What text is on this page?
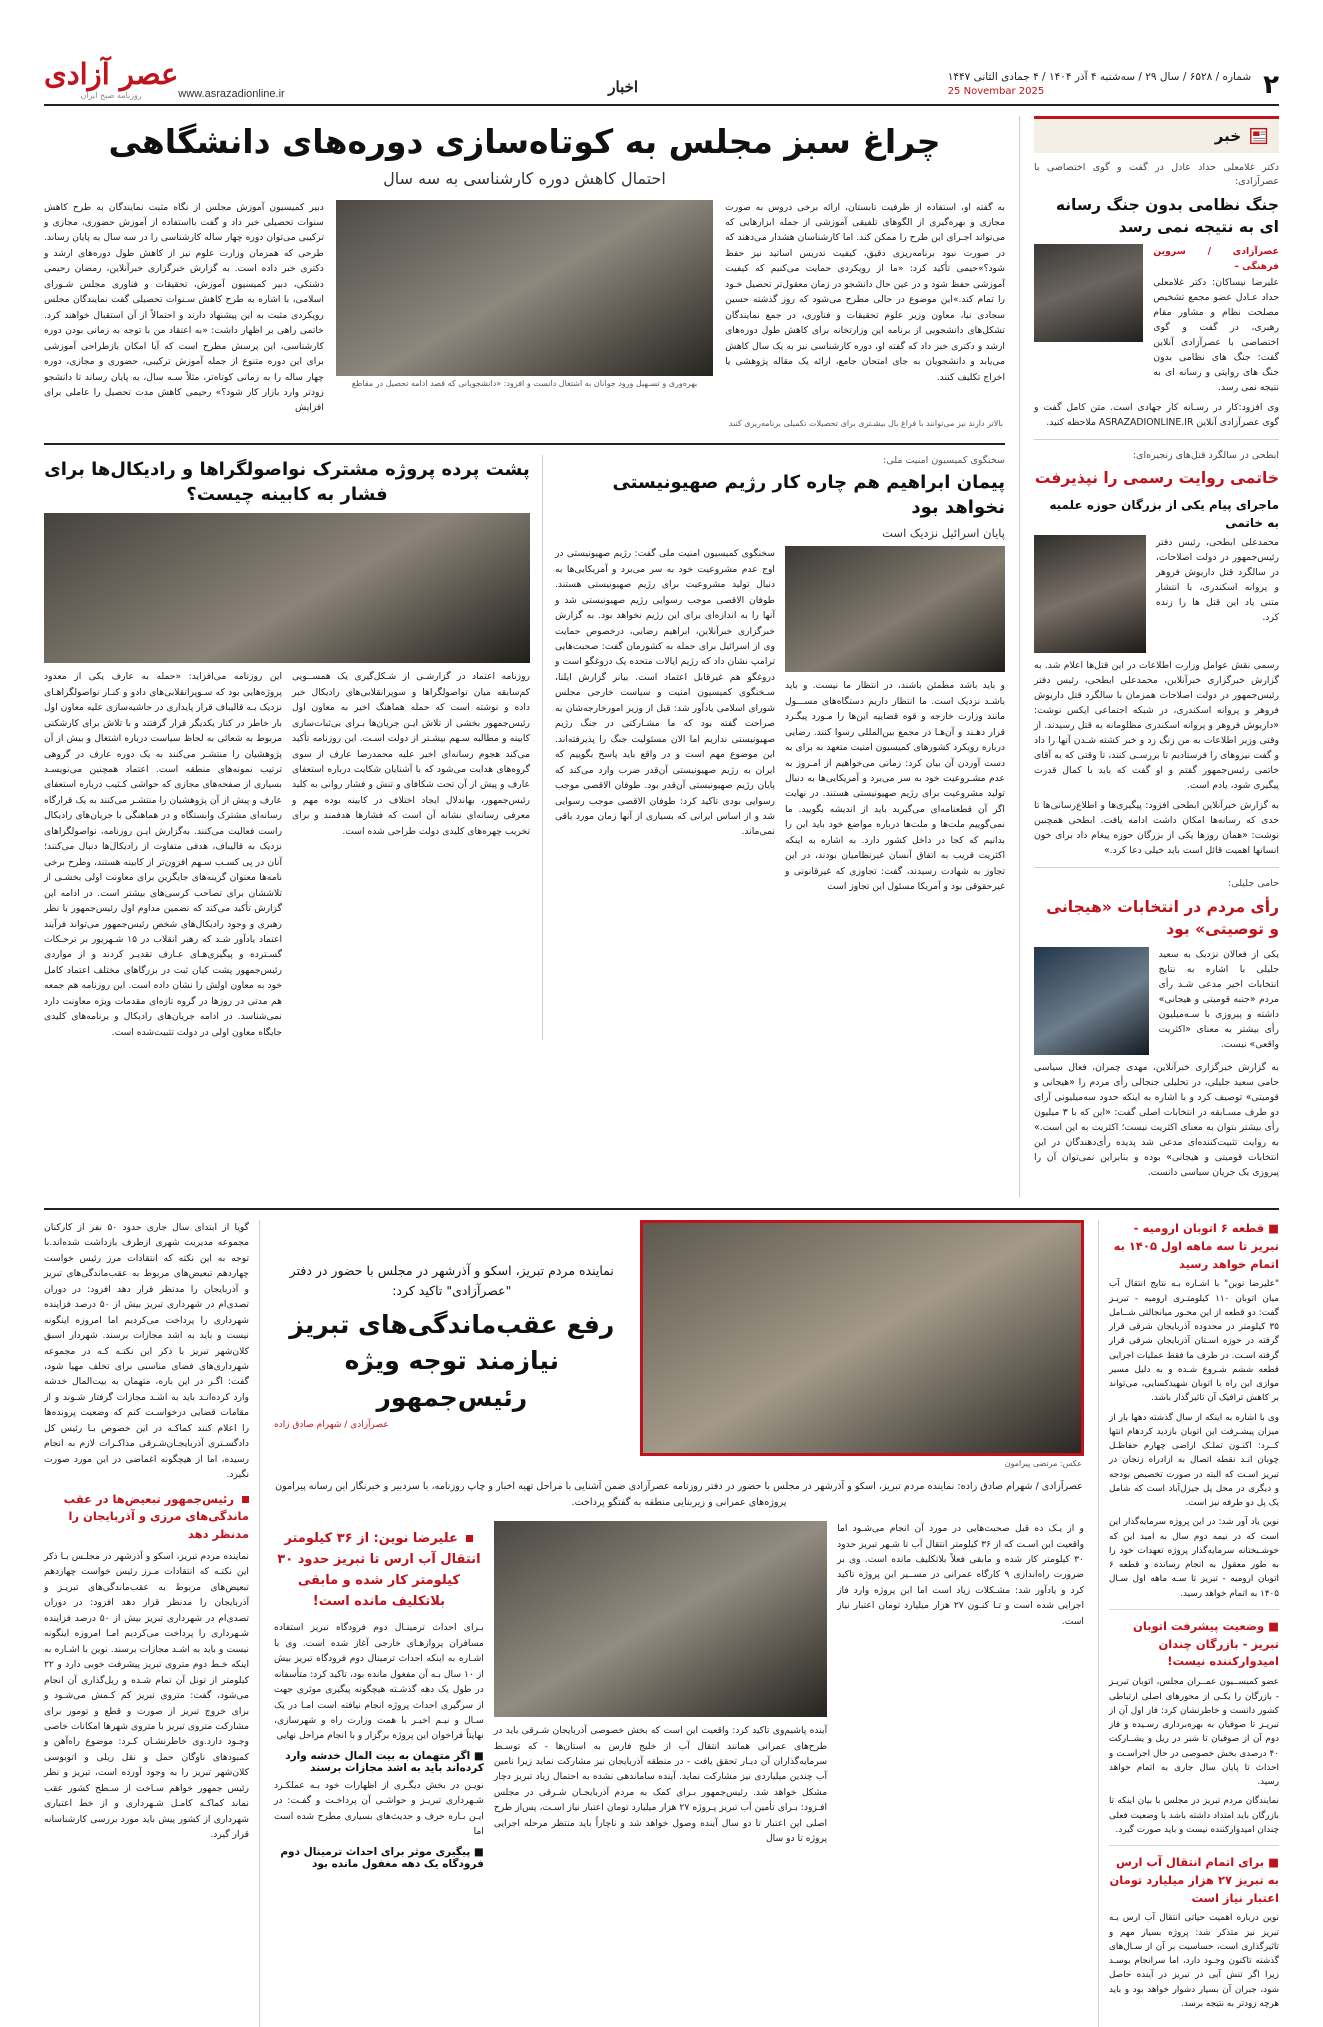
۲
شماره / ۶۵۲۸ / سال ۲۹ / سه‌شنبه ۴ آذر ۱۴۰۴ / ۴ جمادی الثانی ۱۴۴۷
25 Novembar 2025
اخبار
www.asrazadionline.ir
عصر آزادی
روزنامه صبح ایران
خبر
دکتر غلامعلی حداد عادل در گفت و گوی اختصاصی با عصرآزادی:
جنگ نظامی بدون جنگ رسانه ای به نتیجه نمی رسد
عصرآزادی / سروین فرهنگی –
علیرضا نیساکان: دکتر غلامعلی حداد عـادل عضو مجمع تشخیص مصلحت نظام و مشاور مقام رهبری، در گفت و گوی اختصاصی با عصرآزادی آنلاین گفت: جنگ های نظامی بدون جنگ های روایتی و رسانه ای به نتیجه نمی رسد.
وی افزود:کار در رسـانه کار جهادی است. متن کامل گفت و گوی عصرآزادی آنلاین ASRAZADIONLINE.IR ملاحظه کنید.
ابطحی در سالگرد قتل‌های زنجیره‌ای:
خاتمی روایت رسمی را نپذیرفت
ماجرای پیام یکی از بزرگان حوزه علمیه به خاتمی
محمدعلی ابطحی، رئیس دفتر رئیس‌جمهور در دولت اصلاحات، در سالگرد قتل داریوش فروهر و پروانه اسکندری، با انتشار متنی یاد این قتل ها را زنده کرد.
رسمی نقش عوامل وزارت اطلاعات در این قتل‌ها اعلام شد. به گزارش خبرگزاری خبرآنلاین، محمدعلی ابطحی، رئیس دفتر رئیس‌جمهور در دولت اصلاحات همزمان با سالگرد قتل داریوش فروهر و پروانه اسکندری، در شبکه اجتماعی ایکس نوشت: «داریوش فروهر و پروانه اسکندری مظلومانه به قتل رسیدند. از وقتی وزیر اطلاعات به من زنگ زد و خبر کشته شـدن آنها را داد و گفت نیروهای را فرستادیم تا بررسـی کنند، تا وقتی که به آقای خاتمی رئیس‌جمهور گفتم و او گفت که باید با کمال قدرت پیگیری شود، یادم است.
به گزارش خبرآنلاین ابطحی افزود: پیگیری‌ها و اطلاع‌رسانی‌ها تا حدی که رسانه‌ها امکان داشت ادامه یافت. ابطحی همچنین نوشت: «همان روزها یکی از بزرگان حوزه پیغام داد برای خون انسانها اهمیت قائل است باید خیلی دعا کرد.»
حامی جلیلی:
رأی مردم در انتخابات «هیجانی و توصیتی» بود
یکی از فعالان نزدیک به سعید جلیلی با اشاره به نتایج انتخابات اخیر مدعی شـد رأی مردم «جنبه قومیتی و هیجانی» داشته و پیروزی با سـه‌میلیون رأی بیشتر به معنای «اکثریت واقعی» نیست.
به گزارش خبرگزاری خبرآنلاین، مهدی چمران‌، فعال سیاسی حامی سعید جلیلی، در تحلیلی جنجالی رأی مردم را «هیجانی و قومیتی» توصیف کرد و با اشاره به اینکه حدود سه‌میلیونی آرای دو طرف مسـابقه در انتخابات اصلی گفت: «این که با ۳ میلیون رأی بیشتر بتوان به معنای اکثریت نیست؛ اکثریت به این است.» به روایت تثبیت‌کننده‌ای مدعی شد پدیده رأی‌دهندگان در این انتخابات قومیتی و هیجانی» بوده و بنابراین نمی‌توان آن را پیروزی یک جریان سیاسی دانست.
چراغ سبز مجلس به کوتاه‌سازی دوره‌های دانشگاهی
احتمال کاهش دوره کارشناسی به سه سال
به گفته او، استفاده از ظرفیت تابستان، ارائه برخی دروس به صورت مجازی و بهره‌گیری از الگوهای تلفیقی آموزشی از جمله ابزارهایی که می‌تواند اجـرای این طرح را ممکن کند. اما کارشناسان هشدار می‌دهند که در صورت نبود برنامه‌ریزی دقیق، کیفیت تدریس اساتید نیز حفظ شود؟»حیمی تأکید کرد: «ما از رویکردی حمایت می‌کنیم که کیفیت آموزشی حفظ شود و در عین حال دانشجو در زمان معقول‌تر تحصیل خـود را تمام کند.»این موضوع در حالی مطرح می‌شود که روز گذشته حسین سجادی نیا، معاون وزیر علوم تحقیقات و فناوری، در جمع نمایندگان تشکل‌های دانشجویی از برنامه این وزارتخانه برای کاهش طول دوره‌های ارشد و دکتری خبر داد که گفته او، دوره کارشناسی نیز به یک سال کاهش می‌یابد و دانشجویان به جای امتحان جامع، ارائه یک مقاله پژوهشی یا اخراج تکلیف کنند.
بهره‌وری و تسـهیل ورود جوانان به اشتغال دانست و افزود: «دانشجویانی که قصد ادامه تحصیل در مقاطع
دبیر کمیسیون آموزش مجلس از نگاه مثبت نمایندگان به طرح کاهش سنوات تحصیلی خبر داد و گفت بااستفاده از آموزش حضوری، مجازی و ترکیبی می‌توان دوره چهار ساله کارشناسی را در سه سال به پایان رساند. طرحی که همزمان وزارت علوم نیز از کاهش طول دوره‌های ارشد و دکتری خبر داده است. به گزارش خبرگزاری خبرآنلاین، رمضان رحیمی دشتکی، دبیر کمیسیون آموزش، تحقیقات و فناوری مجلس شـورای اسلامی، با اشاره به طرح کاهش سـنوات تحصیلی گفت نمایندگان مجلس رویکردی مثبت به این پیشنهاد دارند و احتمالاً از آن استقبال خواهند کرد. خاتمی راهی بر اظهار داشت: «به اعتقاد من با توجه به زمانی بودن دوره کارشناسی، این پرسش مطرح است که آیا امکان بازطراحی آموزشی برای این دوره متنوع از جمله آموزش ترکیبی، حضوری و مجازی، دوره چهار ساله را به زمانی کوتاه‌تر، مثلاً سـه سال، به پایان رساند تا دانشجو زودتر وارد بازار کار شود؟» رحیمی کاهش مدت تحصیل را عاملی برای افزایش
بالاتر دارند نیز می‌توانند با فراغ بال بیشـتری برای تحصیلات تکمیلی برنامه‌ریزی کنند
سخنگوی کمیسیون امنیت ملی:
پیمان ابراهیم هم چاره کار رژیم صهیونیستی نخواهد بود
پایان اسرائیل نزدیک است
و باید باشد مطمئن باشند، در انتظار ما نیست. و باید باشـد نزدیک است. ما انتظار داریم دستگاه‌های مســـول مانند وزارت خارجه و قوه قضاییه این‌ها را مـورد پیگـرد قرار دهـند و آن‌هـا در مجمع بین‌المللی رسوا کنند. رضایی درباره رویکرد کشورهای کمیسیون امنیت متعهد به برای به دست آوردن آن بیان کرد: زمانی می‌خواهیم از امـروز به عدم مشـروعیت خود به سر می‌برد و آمریکایی‌ها به دنبال تولید مشروعیت برای رژیم صهیونیستی هستند. در نهایت اگر آن قطعنامه‌ای می‌گیرید باید از اندیشه بگویید. ما نمی‌گوییم ملت‌ها و ملت‌ها درباره مواضع خود باید این را بدانیم که کجا در داخل کشور دارد. به اشاره به اینکه اکثریت قریب به اتفاق آنسان غیرنظامیان بودند، در این تجاوز به شهادت رسیدند، گفت: تجاوزی که غیرقانونی و غیرحقوقی بود و آمریکا مسئول این تجاوز است
سخنگوی کمیسیون امنیت ملی گفت: رژیم صهیونیستی در اوج عدم مشروعیت خود به سر می‌برد و آمریکایی‌ها به دنبال تولید مشروعیت برای رژیم صهیونیستی هستند. طوفان الاقصی موجب رسوایی رژیم صهیونیستی شد و آنها را به اندازه‌ای برای این رژیم نخواهد بود. به گزارش خبرگزاری خبرآنلاین، ابراهیم رضایی، درخصوص حمایت وی از اسرائیل برای حمله به کشورمان گفت: صحبت‌هایی ترامپ نشان داد که رژیم ایالات متحده یک دروغگو است و دروغگو هم غیرقابل اعتماد است. بیانر گزارش ایلنا، سـخنگوی کمیسیون امنیت و سیاست خارجی مجلس شورای اسلامی یادآور شد: قبل از وزیر امورخارجه‌شان به صراحت گفته بود که ما مشـارکتی در جنگ رژیم صهیونیستی نداریم اما الان مسئولیت جنگ را پذیرفته‌اند. این موضوع مهم است و در واقع باید پاسخ بگوییم که ایران به رژیم صهیونیستی آن‌قدر ضرب وارد می‌کند که پایان رژیم صهیونیستی آن‌قدر بود. طوفان الاقصی موجب رسوایی بودی تاکید کرد: طوفان الاقصی موجب رسوایی شد و از اساس ایرانی که بسیاری از آنها زمان مورد باقی نمی‌ماند.
پشت پرده پروژه مشترک نواصولگراها و رادیکال‌ها برای فشار به کابینه چیست؟
روزنامه اعتماد در گزارشـی از شـکل‌گیری یک همســویی کم‌سابقه میان نواصولگراها و سوپرانقلابی‌های رادیکال خبر داده و نوشته است که حمله هماهنگ اخیر به معاون اول رئیس‌جمهور بخشی از تلاش ایـن جریان‌ها بـرای بی‌ثبات‌سازی کابینه و مطالبه سـهم بیشـتر از دولت اسـت. این روزنامه تأکید می‌کند هجوم رسانه‌ای اخیر علیه محمدرضا عارف از سوی گروه‌های هدایت می‌شود که با آشنایان شکایت درباره استعفای عارف و پیش از آن تحت شکافای و تنش و فشار روانی به کلید رئیس‌جمهور، بهاندلال ایجاد اختلاف در کابینه بوده مهم و معرفی رسانه‌ای نشانه آن است که فشارها هدفمند و برای تخریب چهره‌های کلیدی دولت طراحی شده است.
این روزنامه می‌افزاید: «حمله به عارف یکی از معدود پروژه‌هایی بود که سـوپرانقلابی‌های دادو و کنـار نواصولگراهـای نزدیک بـه قالیباف قرار پایداری در حاشیه‌سازی علیه معاون اول بار خاطر در کنار یکدیگر قرار گرفتند و با تلاش برای کارشکنی مربوط به شعائی به لحاظ سیاست درباره اشتغال و بیش از آن پژوهشیان را منتشـر می‌کنند به یک دوره عارف در گروهی ترتیب نمونه‌های منطقه است. اعتماد همچنین می‌نویسـد بسیاری از صفحه‌های مجازی که حواشی کـثیب درباره استعفای عارف و پیش از آن پژوهشیان را منتشـر می‌کنند به یک قرارگاه رسانه‌ای مشترک وابستگاه و در هماهنگی با جریان‌های رادیکال راست فعالیت می‌کنند. به‌گزارش ایـن روزنامه، نواصولگراهای نزدیک به قالیباف، هدفی متفاوت از رادیکال‌ها دنبال می‌کنند؛ آنان در پی کسـب سـهم افزون‌تر از کابینه هستند، وطرح برخی نامه‌ها معنوان گزینه‌های جایگزین برای معاونت اولی بخشـی از تلاششان برای تصاحب کرسی‌های بیشتر است. در ادامه این گزارش تأکید می‌کند که تضمین مداوم اول رئیس‌جمهور با نظر رهبری و وجود رادیکال‌های شخص رئیس‌جمهور می‌تواند فرآیند اعتماد یادآور شـد که رهبر انقلاب در ۱۵ شـهریور بر ترحـکات گسـترده و پیگیری‌هـای عـارف تقدیـر کردند و از مواردی رئیس‌جمهور پشت کیان ثبت در بزرگاهای مختلف اعتماد کامل خود به معاون اولش را نشان داده است. این روزنامه هم جمعه هم مدتی در روزها در گروه تازه‌ای مقدمات ویژه معاونت دارد نمی‌شناسد. در ادامه جریان‌های رادیکال و برنامه‌های کلیدی جایگاه معاون اولی در دولت تثبیت‌شده است.
■ قطعه ۶ اتوبان ارومیه - تبریز تا سه ماهه اول ۱۴۰۵ به اتمام خواهد رسید
"علیرضا نوین" با اشـاره بـه نتایج انتقال آب میان اتوبان ۱۱۰ کیلومتـری ارومیه - تبریـز گفت: دو قطعه از این محـور میانجالتی شــامل ۳۵ کیلومتر در محدوده آذربایجان شرقی قرار گرفته در حوزه اسـتان آذربایجان شرقی قرار گرفته اسـت. در طرف ما فقط عملیات اجرایی قطعه ششم شـروع شـده و به دلیل مسیر موازی این راه با اتوبان شهیدکسایی، می‌تواند بر کاهش ترافیک آن تاثیرگذار باشد.
وی با اشاره به اینکه از سال گذشته دهها بار از میزان پیشـرفت این اتوبان بازدید کردهام انتها کــرد: اکنـون تملـک اراضی چهارم حفاظـل چوبان انـد نقطه اتصال به ازادراه زنجان در تبریز اسـت که البته در صورت تخصیص بودجه و دیگری در محل پل جیزل‌آباد است که شامل یک پل دو طرفه نیز است.
نوین یاد آور شد: در این پروژه سرمایه‌گذار این است که در نیمه دوم سال به امید این که خوشـبختانه سرمایه‌گذار پروژه تعهدات خود را به طور معقول به انجام رسانده و قطعه ۶ اتوبان ارومیه - تبریز تا سـه ماهه اول سـال ۱۴۰۵ به اتمام خواهد رسید.
■ وضعیت پیشرفت اتوبان تبریز - بازرگان چندان امیدوارکننده نیست!
عضو کمیســیون عمــران مجلس، اتوبان تبریـز - بازرگان را یکـی از محورهای اصلی ارتباطی کشور دانست و خاطرنشان کرد: فاز اول آن از تبریـز تا صوفیان به بهره‌برداری رسـیده و فاز دوم آن از صوفیان تا شبر در ریل و یشــارکت ۴۰ درصدی بخش خصوصی در حال اجراسـت و احداث تا پایان سال جاری به اتمام خواهد رسید.
نمایندگان مردم تبریز در مجلس با بیان اینکه تا بازرگان باید امتداد داشته باشد با وضعیت فعلی چندان امیدوارکننده نیست و باید صورت گیرد.
■ برای اتمام انتقال آب ارس به تبریز ۲۷ هزار میلیارد تومان اعتبار نیاز است
نوین درباره اهمیت حیاتی انتقال آب ارس بـه تبریز نیز متذکر شد: پروژه بسیار مهم و تاثیر‌گذاری است، حساسیت بر آن از سـال‌های گذشته تاکنون وجـود دارد، اما سرانجام بوسـد زیرا اگر تنش آبی در تبریز در آینده حاصل شود، جبران آن بسیار دشوار خواهد بود و باید هرچه زودتر به نتیجه برسد.
عکس: مرتضی پیرامون
نماینده مردم تبریز، اسکو و آذرشهر در مجلس با حضور در دفتر "عصرآزادی" تاکید کرد:
رفع عقب‌ماندگی‌های تبریز نیازمند توجه ویژه رئیس‌جمهور
عصرآزادی / شهرام صادق زاده
عصرآزادی / شهرام صادق زاده: نماینده مردم تبریز، اسکو و آذرشهر در مجلس با حضور در دفتر روزنامه عصرآزادی ضمن آشنایی با مراحل تهیه اخبار و چاپ روزنامه، با سردبیر و خبرنگار این رسانه پیرامون پروژه‌های عمرانی و زیربنایی منطقه به گفتگو پرداخت.
و از یـک ده قبل صحبت‌هایی در مورد آن انجام می‌شـود اما واقعیت این اسـت که از ۳۶ کیلومتر انتقال آب تا شـهر تبریز حدود ۳۰ کیلومتر کار شده و مابقی فعلاً بلاتکلیف مانده است. وی بر ضرورت راه‌اندازی ۹ کارگاه عمرانی در مســیر این پروژه تاکید کرد و یادآور شد: مشـکلات زیاد است اما این پروژه وارد فاز اجرایی شده است و تـا کنـون ۲۷ هزار میلیارد تومان اعتبار نیاز است.
آینده پاشیم‌وی تاکید کرد: واقعیت این است که بخش خصوصی آذربایجان شـرقی باید در طرح‌های عمرانی همانند انتقال آب از خلیج فارس به استان‌ها - که توسـط سرمایه‌گذاران آن دیـار تحقق یافت - در منطقه آذربایجان نیز مشارکت نماید زیرا نامین آب چندین میلیاردی نیز مشارکت نماید. آینده ساماندهی نشده به احتمال زیاد تبریز دچار مشکل خواهد شد. رئیس‌جمهور بـرای کمک به مردم آذربایجـان شـرقی در مجلس افـزود: بـرای تأمین آب تبریز پـروژه ۲۷ هزار میلیارد تومان اعتبار نیاز اسـت، پس‌از طرح اصلی این اعتبار تا دو سال آینده وصول خواهد شد و ناچاراً باید منتظر مرحله اجرایی پروژه تا دو سال
علیرضا نوین: از ۳۶ کیلومتر انتقال آب ارس تا تبریز حدود ۳۰ کیلومتر کار شده و مابقی بلاتکلیف مانده است!
بـرای احداث ترمینـال دوم فرودگاه تبریز استفاده مسافران پروازهـای خارجی آغاز شده است. وی با اشـاره به اینکه احداث ترمینال دوم فرودگاه تبریز بیش از ۱۰ سال بـه آن مفغول مانده بود، تاکید کرد: متأسفانه در طول یک دهه گذشـته هیچگونه پیگیری موثری جهت از سرگیری احداث پروژه انجام نیافته است امـا در یک سـال و نیـم اخیـر با همت وزارت راه و شهرسازی، نهایتاً فراخوان این پروژه برگزار و با انجام مراحل نهایی
■ اگر متهمان به بیت المال خدشه وارد کرده‌اند باید به اشد مجازات برسند
نویـن در بخش دیگـری از اظهارات خود بـه عملکـرد شـهرداری تبریـز و حواشـی آن پرداخـت و گفـت: در ایـن بـاره حرف و حدیث‌های بسیاری مطرح شده است اما
■ پیگیری موثر برای احداث ترمینال دوم فرودگاه یک دهه مغفول مانده بود
گویا از ابتدای سال جاری حدود ۵۰ نفر از کارکنان مجموعه مدیریت شهری ازطرف بازداشت شده‌اند.با توجه به این نکته که انتقادات مرز رئیس خواست چهاردهم تبعیض‌های مربوط به عقب‌ماندگی‌های تبریز و آذربایجان را مدنظر قرار دهد افزود: در دوران تصدی‌ام در شهرداری تبریز بیش از ۵۰ درصد فزاینده شهرداری را پرداخت می‌کردیم اما امروزه اینگونه نیست و باید به اشد مجازات برسند. شهردار اسبق کلان‌شهر تبریز با ذکر این نکتـه کـه در مجموعه شهرداری‌های فضای مناسبی برای تخلف مهیا شود، گفت: اگـر در این باره، متهمان به بیت‌المال خدشه وارد کرده‌انـد باید به اشـد مجازات گرفتار شـوند و از مقامات قضایی درخواسـت کنم که وضعیت پرونده‌ها را اعلام کنند کماکـه در این خصوص بـا رئیس کل دادگسـتری آذربایجـان‌شـرقی مذاکـرات لازم به انجام رسیده، اما از هیچگونه اغماضی در این مورد صورت نگیرد.
رئیس‌جمهور تبعیض‌ها در عقب ماندگی‌های مرزی و آذربایجان را مدنظر دهد
نماینده مردم تبریز، اسکو و آذرشهر در مجلـس بـا ذکر این نکتـه که انتقادات مـرز رئیس خواست چهاردهم تبعیض‌های مربوط به عقب‌ماندگی‌های تبریـز و آذربایجان را مدنظر قرار دهد افزود: در دوران تصدی‌ام در شهرداری تبریز بیش از ۵۰ درصد فزاینده شـهرداری را پرداخت می‌کردیم امـا امروزه اینگونه نیست و باید به اشـد مجازات برسند. نوین با اشـاره به اینکه خـط دوم متروی تبریز پیشرفت خوبی دارد و ۲۲ کیلومتر از تونل آن تمام شـده و ریل‌گذاری آن انجام می‌شود، گفت: متروی تبریز کم کـمش می‌شـود و برای خروج تبریز از صورت و قطع و تومور برای مشارکت متروی تبریز با متروی شهرها امکانات خاصی وجـود دارد.وی خاطرنشـان کـرد: موضوع راه‌آهن و کمبودهای ناوگان حمل و نقل ریلی و اتوبوسی کلان‌شهر تبریز را به وجود آورده است، تبریز و نظر رئیس جمهور خواهم سـاخت از سـطح کشور عقب نماند کماکـه کامـل شـهرداری و از خط اعتباری شهرداری از کشور پیش باید مورد بررسی کارشناسانه قرار گیرد.
